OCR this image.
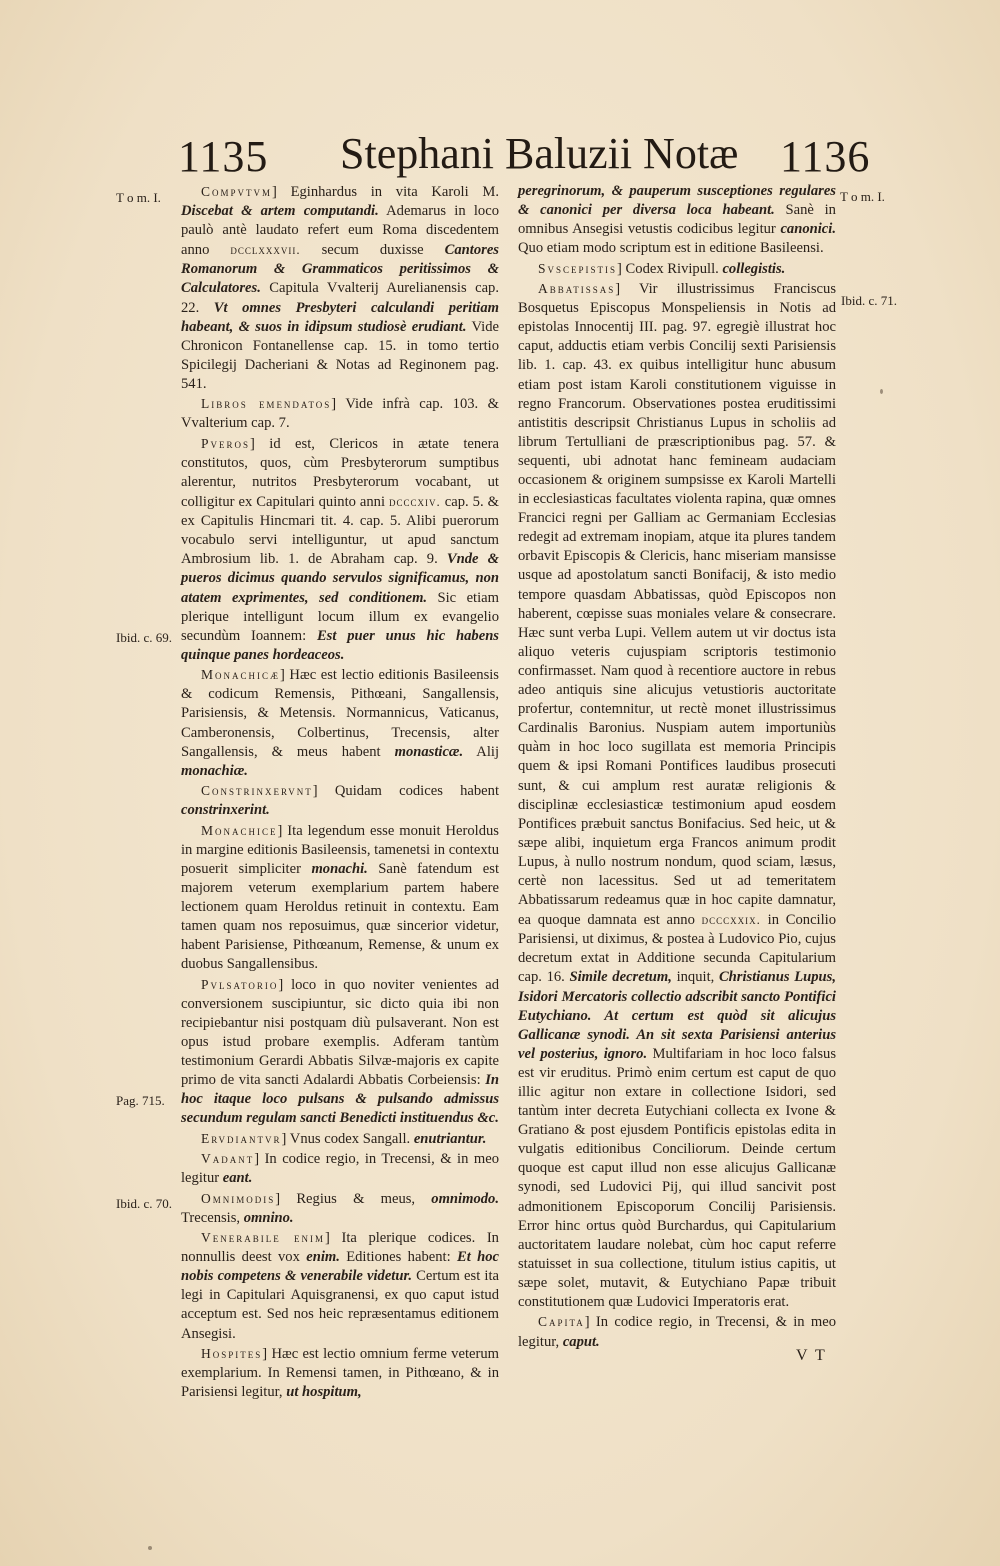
1135 Stephani Baluzii Notæ 1136
T o m. I.
Ibid. c. 69.
Pag. 715.
Ibid. c. 70.
T o m. I.
Ibid. c. 71.

Compvtvm] Eginhardus in vita Karoli M. Discebat & artem computandi. Ademarus in loco paulò antè laudato refert eum Roma discedentem anno dcclxxxvii. secum duxisse Cantores Romanorum & Grammaticos peritissimos & Calculatores. Capitula Vvalterij Aurelianensis cap. 22. Vt omnes Presbyteri calculandi peritiam habeant, & suos in idipsum studiosè erudiant. Vide Chronicon Fontanellense cap. 15. in tomo tertio Spicilegij Dacheriani & Notas ad Reginonem pag. 541.

Libros emendatos] Vide infrà cap. 103. & Vvalterium cap. 7.

Pveros] id est, Clericos in ætate tenera constitutos, quos, cùm Presbyterorum sumptibus alerentur, nutritos Presbyterorum vocabant, ut colligitur ex Capitulari quinto anni dcccxiv. cap. 5. & ex Capitulis Hincmari tit. 4. cap. 5. Alibi puerorum vocabulo servi intelliguntur, ut apud sanctum Ambrosium lib. 1. de Abraham cap. 9. Vnde & pueros dicimus quando servulos significamus, non atatem exprimentes, sed conditionem. Sic etiam plerique intelligunt locum illum ex evangelio secundùm Ioannem: Est puer unus hic habens quinque panes hordeaceos.

Monachicæ] Hæc est lectio editionis Basileensis & codicum Remensis, Pithœani, Sangallensis, Parisiensis, & Metensis. Normannicus, Vaticanus, Camberonensis, Colbertinus, Trecensis, alter Sangallensis, & meus habent monasticæ. Alij monachiæ.

Constrinxervnt] Quidam codices habent constrinxerint.

Monachice] Ita legendum esse monuit Heroldus in margine editionis Basileensis, tamenetsi in contextu posuerit simpliciter monachi. Sanè fatendum est majorem veterum exemplarium partem habere lectionem quam Heroldus retinuit in contextu. Eam tamen quam nos reposuimus, quæ sincerior videtur, habent Parisiense, Pithœanum, Remense, & unum ex duobus Sangallensibus.

Pvlsatorio] loco in quo noviter venientes ad conversionem suscipiuntur, sic dicto quia ibi non recipiebantur nisi postquam diù pulsaverant. Non est opus istud probare exemplis. Adferam tantùm testimonium Gerardi Abbatis Silvæ-majoris ex capite primo de vita sancti Adalardi Abbatis Corbeiensis: In hoc itaque loco pulsans & pulsando admissus secundum regulam sancti Benedicti instituendus &c.

Ervdiantvr] Vnus codex Sangall. enutriantur.

Vadant] In codice regio, in Trecensi, & in meo legitur eant.

Omnimodis] Regius & meus, omnimodo. Trecensis, omnino.

Venerabile enim] Ita plerique codices. In nonnullis deest vox enim. Editiones habent: Et hoc nobis competens & venerabile videtur. Certum est ita legi in Capitulari Aquisgranensi, ex quo caput istud acceptum est. Sed nos heic repræsentamus editionem Ansegisi.

Hospites] Hæc est lectio omnium ferme veterum exemplarium. In Remensi tamen, in Pithœano, & in Parisiensi legitur, ut hospitum,

peregrinorum, & pauperum susceptiones regulares & canonici per diversa loca habeant. Sanè in omnibus Ansegisi vetustis codicibus legitur canonici. Quo etiam modo scriptum est in editione Basileensi.

Svscepistis] Codex Rivipull. collegistis.

Abbatissas] Vir illustrissimus Franciscus Bosquetus Episcopus Monspeliensis in Notis ad epistolas Innocentij III. pag. 97. egregiè illustrat hoc caput, adductis etiam verbis Concilij sexti Parisiensis lib. 1. cap. 43. ex quibus intelligitur hunc abusum etiam post istam Karoli constitutionem viguisse in regno Francorum. Observationes postea eruditissimi antistitis descripsit Christianus Lupus in scholiis ad librum Tertulliani de præscriptionibus pag. 57. & sequenti, ubi adnotat hanc femineam audaciam occasionem & originem sumpsisse ex Karoli Martelli in ecclesiasticas facultates violenta rapina, quæ omnes Francici regni per Galliam ac Germaniam Ecclesias redegit ad extremam inopiam, atque ita plures tandem orbavit Episcopis & Clericis, hanc miseriam mansisse usque ad apostolatum sancti Bonifacij, & isto medio tempore quasdam Abbatissas, quòd Episcopos non haberent, cœpisse suas moniales velare & consecrare. Hæc sunt verba Lupi. Vellem autem ut vir doctus ista aliquo veteris cujuspiam scriptoris testimonio confirmasset. Nam quod à recentiore auctore in rebus adeo antiquis sine alicujus vetustioris auctoritate profertur, contemnitur, ut rectè monet illustrissimus Cardinalis Baronius. Nuspiam autem importuniùs quàm in hoc loco sugillata est memoria Principis quem & ipsi Romani Pontifices laudibus prosecuti sunt, & cui amplum rest auratæ religionis & disciplinæ ecclesiasticæ testimonium apud eosdem Pontifices præbuit sanctus Bonifacius. Sed heic, ut & sæpe alibi, inquietum erga Francos animum prodit Lupus, à nullo nostrum nondum, quod sciam, læsus, certè non lacessitus. Sed ut ad temeritatem Abbatissarum redeamus quæ in hoc capite damnatur, ea quoque damnata est anno dcccxxix. in Concilio Parisiensi, ut diximus, & postea à Ludovico Pio, cujus decretum extat in Additione secunda Capitularium cap. 16. Simile decretum, inquit, Christianus Lupus, Isidori Mercatoris collectio adscribit sancto Pontifici Eutychiano. At certum est quòd sit alicujus Gallicanæ synodi. An sit sexta Parisiensi anterius vel posterius, ignoro. Multifariam in hoc loco falsus est vir eruditus. Primò enim certum est caput de quo illic agitur non extare in collectione Isidori, sed tantùm inter decreta Eutychiani collecta ex Ivone & Gratiano & post ejusdem Pontificis epistolas edita in vulgatis editionibus Conciliorum. Deinde certum quoque est caput illud non esse alicujus Gallicanæ synodi, sed Ludovici Pij, qui illud sancivit post admonitionem Episcoporum Concilij Parisiensis. Error hinc ortus quòd Burchardus, qui Capitularium auctoritatem laudare nolebat, cùm hoc caput referre statuisset in sua collectione, titulum istius capitis, ut sæpe solet, mutavit, & Eutychiano Papæ tribuit constitutionem quæ Ludovici Imperatoris erat.

Capita] In codice regio, in Trecensi, & in meo legitur, caput.

V T
